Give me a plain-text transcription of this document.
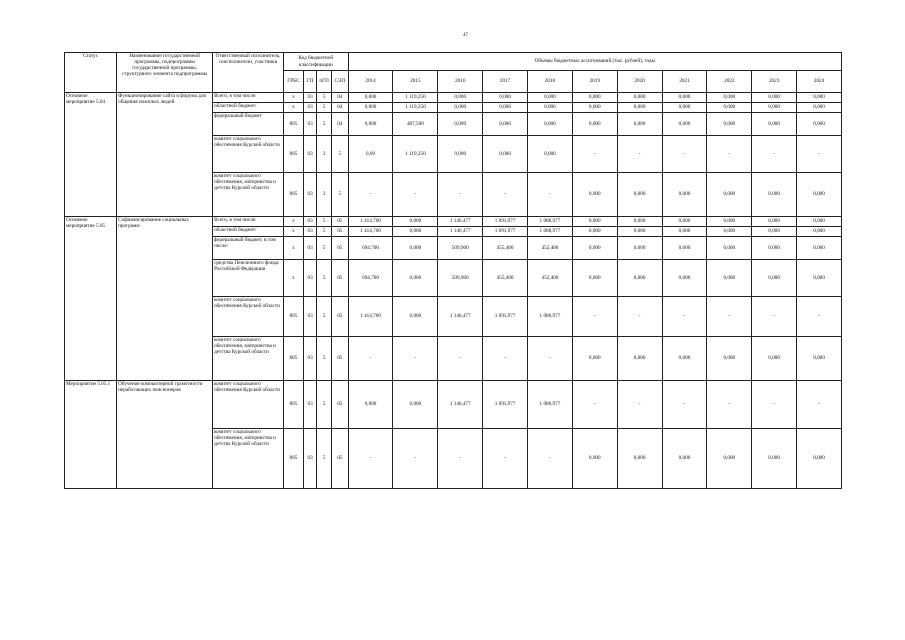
47
Статус	Наименование государственной программы, подпрограммы государственной программы, структурного элемента подпрограммы	Ответственный исполнитель, соисполнители, участники	Код бюджетной классификации				Объемы бюджетных ассигнований (тыс. рублей), годы										
			ГРБС	ГП	пГП	СЭП	2014	2015	2016	2017	2018	2019	2020	2021	2022	2023	2024
Основное мероприятие 5.04	Функционирование сайта и форума для общения пожилых людей	Всего, в том числе:	х	03	5	04	0,000	1 119,250	0,000	0,000	0,000	0,000	0,000	0,000	0,000	0,000	0,000
		областной бюджет/	х	03	5	04	0,000	1 119,250	0,000	0,000	0,000	0,000	0,000	0,000	0,000	0,000	0,000
		федеральный бюджет	805	03	5	04	0,000	487,500	0,000	0,000	0,000	0,000	0,000	0,000	0,000	0,000	0,000
		комитет социального обеспечения Курской области	805	03	3	5	0,00	1 119,250	0,000	0,000	0,000	-	-	-	-	-	-
		комитет социального обеспечения, материнства и детства Курской области	805	03	3	5	-	-	-	-	-	0,000	0,000	0,000	0,000	0,000	0,000
Основное мероприятие 5.05	Софинансирование социальных программ	Всего, в том числе:	х	03	5	05	1 414,700	0,000	1 146,477	1 091,977	1 088,977	0,000	0,000	0,000	0,000	0,000	0,000
		областной бюджет/	х	03	5	05	1 414,700	0,000	1 146,477	1 091,977	1 088,977	0,000	0,000	0,000	0,000	0,000	0,000
		федеральный бюджет, в том числе:	х	03	5	05	694,700	0,000	509,900	455,400	452,400	0,000	0,000	0,000	0,000	0,000	0,000
		средства Пенсионного фонда Российской Федерации	х	03	5	05	694,700	0,000	509,900	455,400	452,400	0,000	0,000	0,000	0,000	0,000	0,000
		комитет социального обеспечения Курской области	805	03	5	05	1 414,700	0,000	1 146,477	1 091,977	1 088,977	-	-	-	-	-	-
		комитет социального обеспечения, материнства и детства Курской области	805	03	5	05	-	-	-	-	-	0,000	0,000	0,000	0,000	0,000	0,000
Мероприятие 5.05.1	Обучение компьютерной грамотности неработающих пенсионеров	комитет социального обеспечения Курской области	805	03	5	05	0,000	0,000	1 146,477	1 091,977	1 088,977	-	-	-	-	-	-
		комитет социального обеспечения, материнства и детства Курской области	805	03	5	05	-	-	-	-	-	0,000	0,000	0,000	0,000	0,000	0,000
